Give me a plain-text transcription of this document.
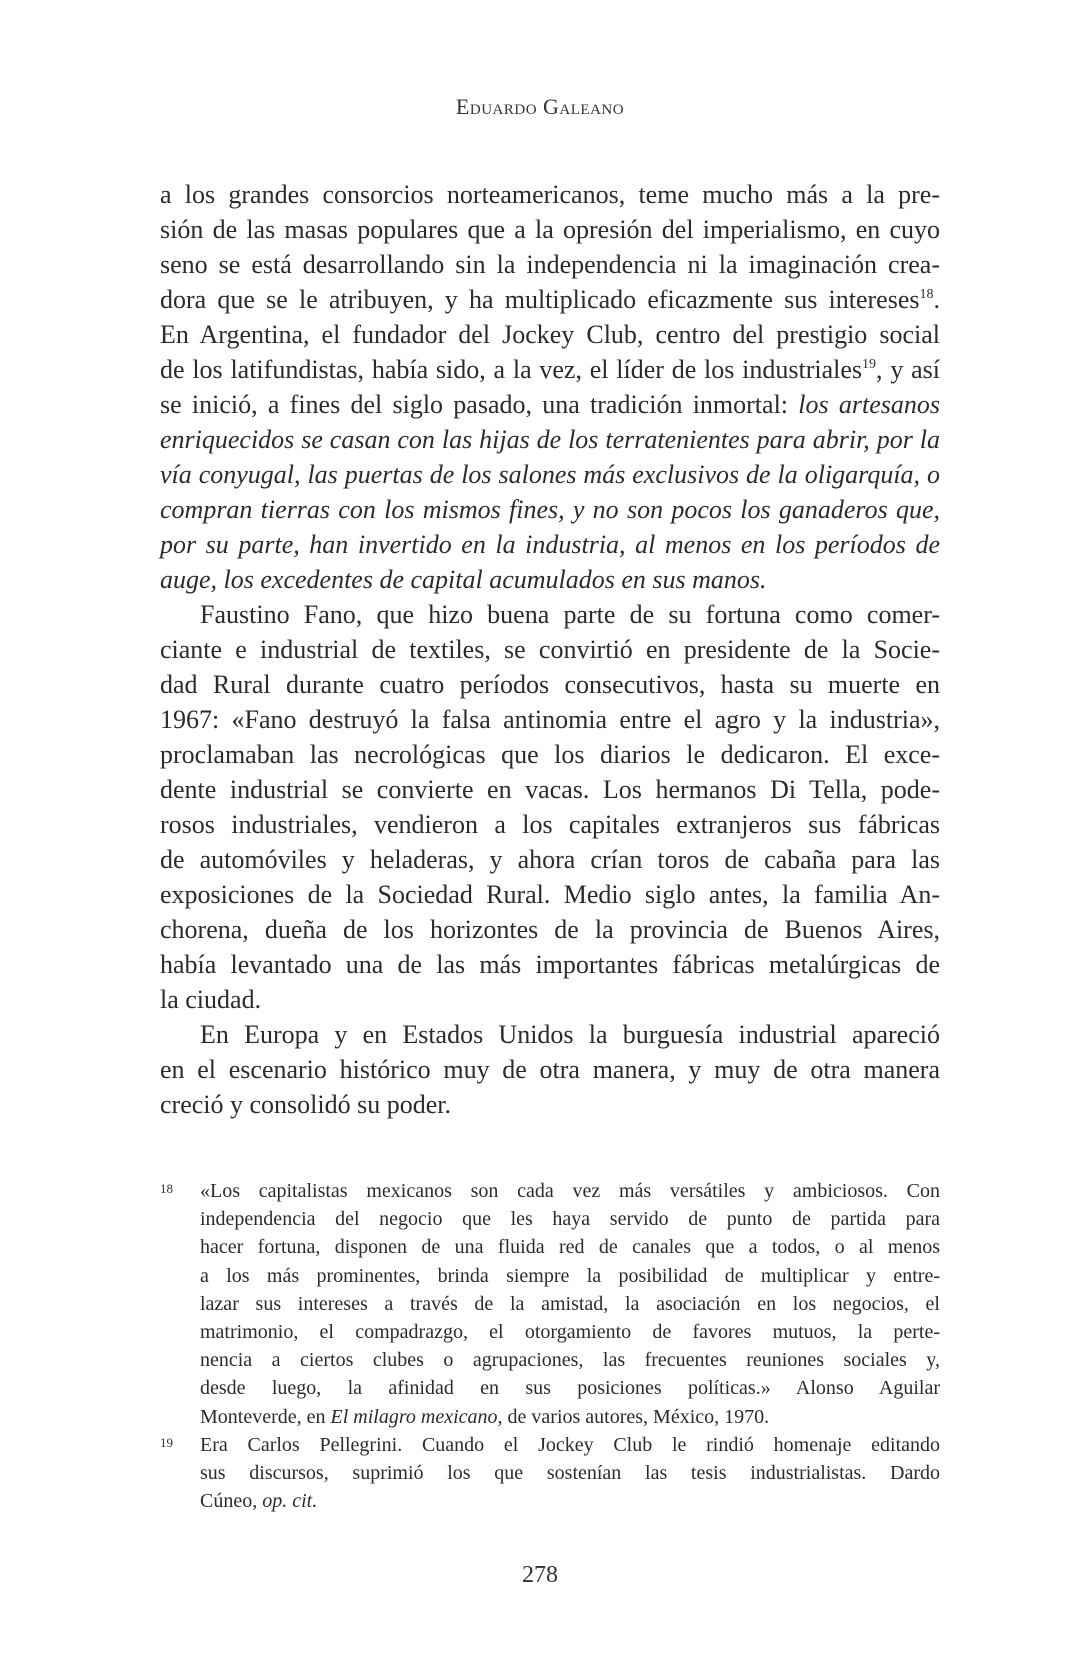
Eduardo Galeano
a los grandes consorcios norteamericanos, teme mucho más a la pre-
sión de las masas populares que a la opresión del imperialismo, en cuyo
seno se está desarrollando sin la independencia ni la imaginación crea-
dora que se le atribuyen, y ha multiplicado eficazmente sus intereses$^{18}$.
En Argentina, el fundador del Jockey Club, centro del prestigio social
de los latifundistas, había sido, a la vez, el líder de los industriales$^{19}$, y así
se inició, a fines del siglo pasado, una tradición inmortal: los artesanos
enriquecidos se casan con las hijas de los terratenientes para abrir, por la
vía conyugal, las puertas de los salones más exclusivos de la oligarquía, o
compran tierras con los mismos fines, y no son pocos los ganaderos que,
por su parte, han invertido en la industria, al menos en los períodos de
auge, los excedentes de capital acumulados en sus manos.
Faustino Fano, que hizo buena parte de su fortuna como comer-
ciante e industrial de textiles, se convirtió en presidente de la Socie-
dad Rural durante cuatro períodos consecutivos, hasta su muerte en
1967: «Fano destruyó la falsa antinomia entre el agro y la industria»,
proclamaban las necrológicas que los diarios le dedicaron. El exce-
dente industrial se convierte en vacas. Los hermanos Di Tella, pode-
rosos industriales, vendieron a los capitales extranjeros sus fábricas
de automóviles y heladeras, y ahora crían toros de cabaña para las
exposiciones de la Sociedad Rural. Medio siglo antes, la familia An-
chorena, dueña de los horizontes de la provincia de Buenos Aires,
había levantado una de las más importantes fábricas metalúrgicas de
la ciudad.
En Europa y en Estados Unidos la burguesía industrial apareció
en el escenario histórico muy de otra manera, y muy de otra manera
creció y consolidó su poder.
18 «Los capitalistas mexicanos son cada vez más versátiles y ambiciosos. Con
independencia del negocio que les haya servido de punto de partida para
hacer fortuna, disponen de una fluida red de canales que a todos, o al menos
a los más prominentes, brinda siempre la posibilidad de multiplicar y entre-
lazar sus intereses a través de la amistad, la asociación en los negocios, el
matrimonio, el compadrazgo, el otorgamiento de favores mutuos, la perte-
nencia a ciertos clubes o agrupaciones, las frecuentes reuniones sociales y,
desde luego, la afinidad en sus posiciones políticas.» Alonso Aguilar
Monteverde, en El milagro mexicano, de varios autores, México, 1970.
19 Era Carlos Pellegrini. Cuando el Jockey Club le rindió homenaje editando
sus discursos, suprimió los que sostenían las tesis industrialistas. Dardo
Cúneo, op. cit.
278
